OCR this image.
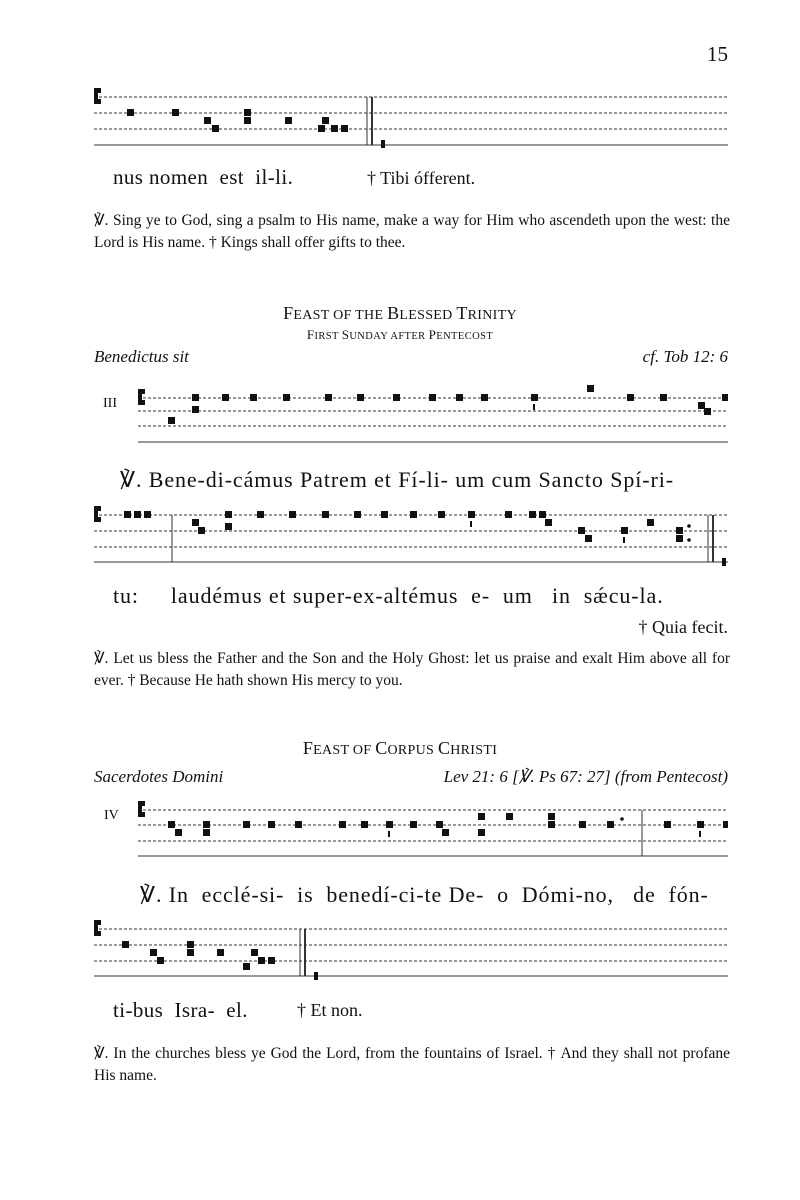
15
nus nomen  est  il-li.	† Tibi ófferent.
℣. Sing ye to God, sing a psalm to His name, make a way for Him who ascendeth upon the west: the Lord is His name. † Kings shall offer gifts to thee.
FEAST OF THE BLESSED TRINITY
FIRST SUNDAY AFTER PENTECOST
Benedictus sit	cf. Tob 12: 6
III
℣. Bene-di-cámus Patrem et Fí-li- um cum Sancto Spí-ri-
tu:     laudémus et super-ex-altémus  e-  um   in  sǽcu-la.
† Quia fecit.
℣. Let us bless the Father and the Son and the Holy Ghost: let us praise and exalt Him above all for ever. † Because He hath shown His mercy to you.
FEAST OF CORPUS CHRISTI
Sacerdotes Domini	Lev 21: 6 [℣. Ps 67: 27] (from Pentecost)
IV
℣. In  ecclé-si-  is  benedí-ci-te De-  o  Dómi-no,   de  fón-
ti-bus  Isra-  el.	† Et non.
℣. In the churches bless ye God the Lord, from the fountains of Israel. † And they shall not profane His name.
